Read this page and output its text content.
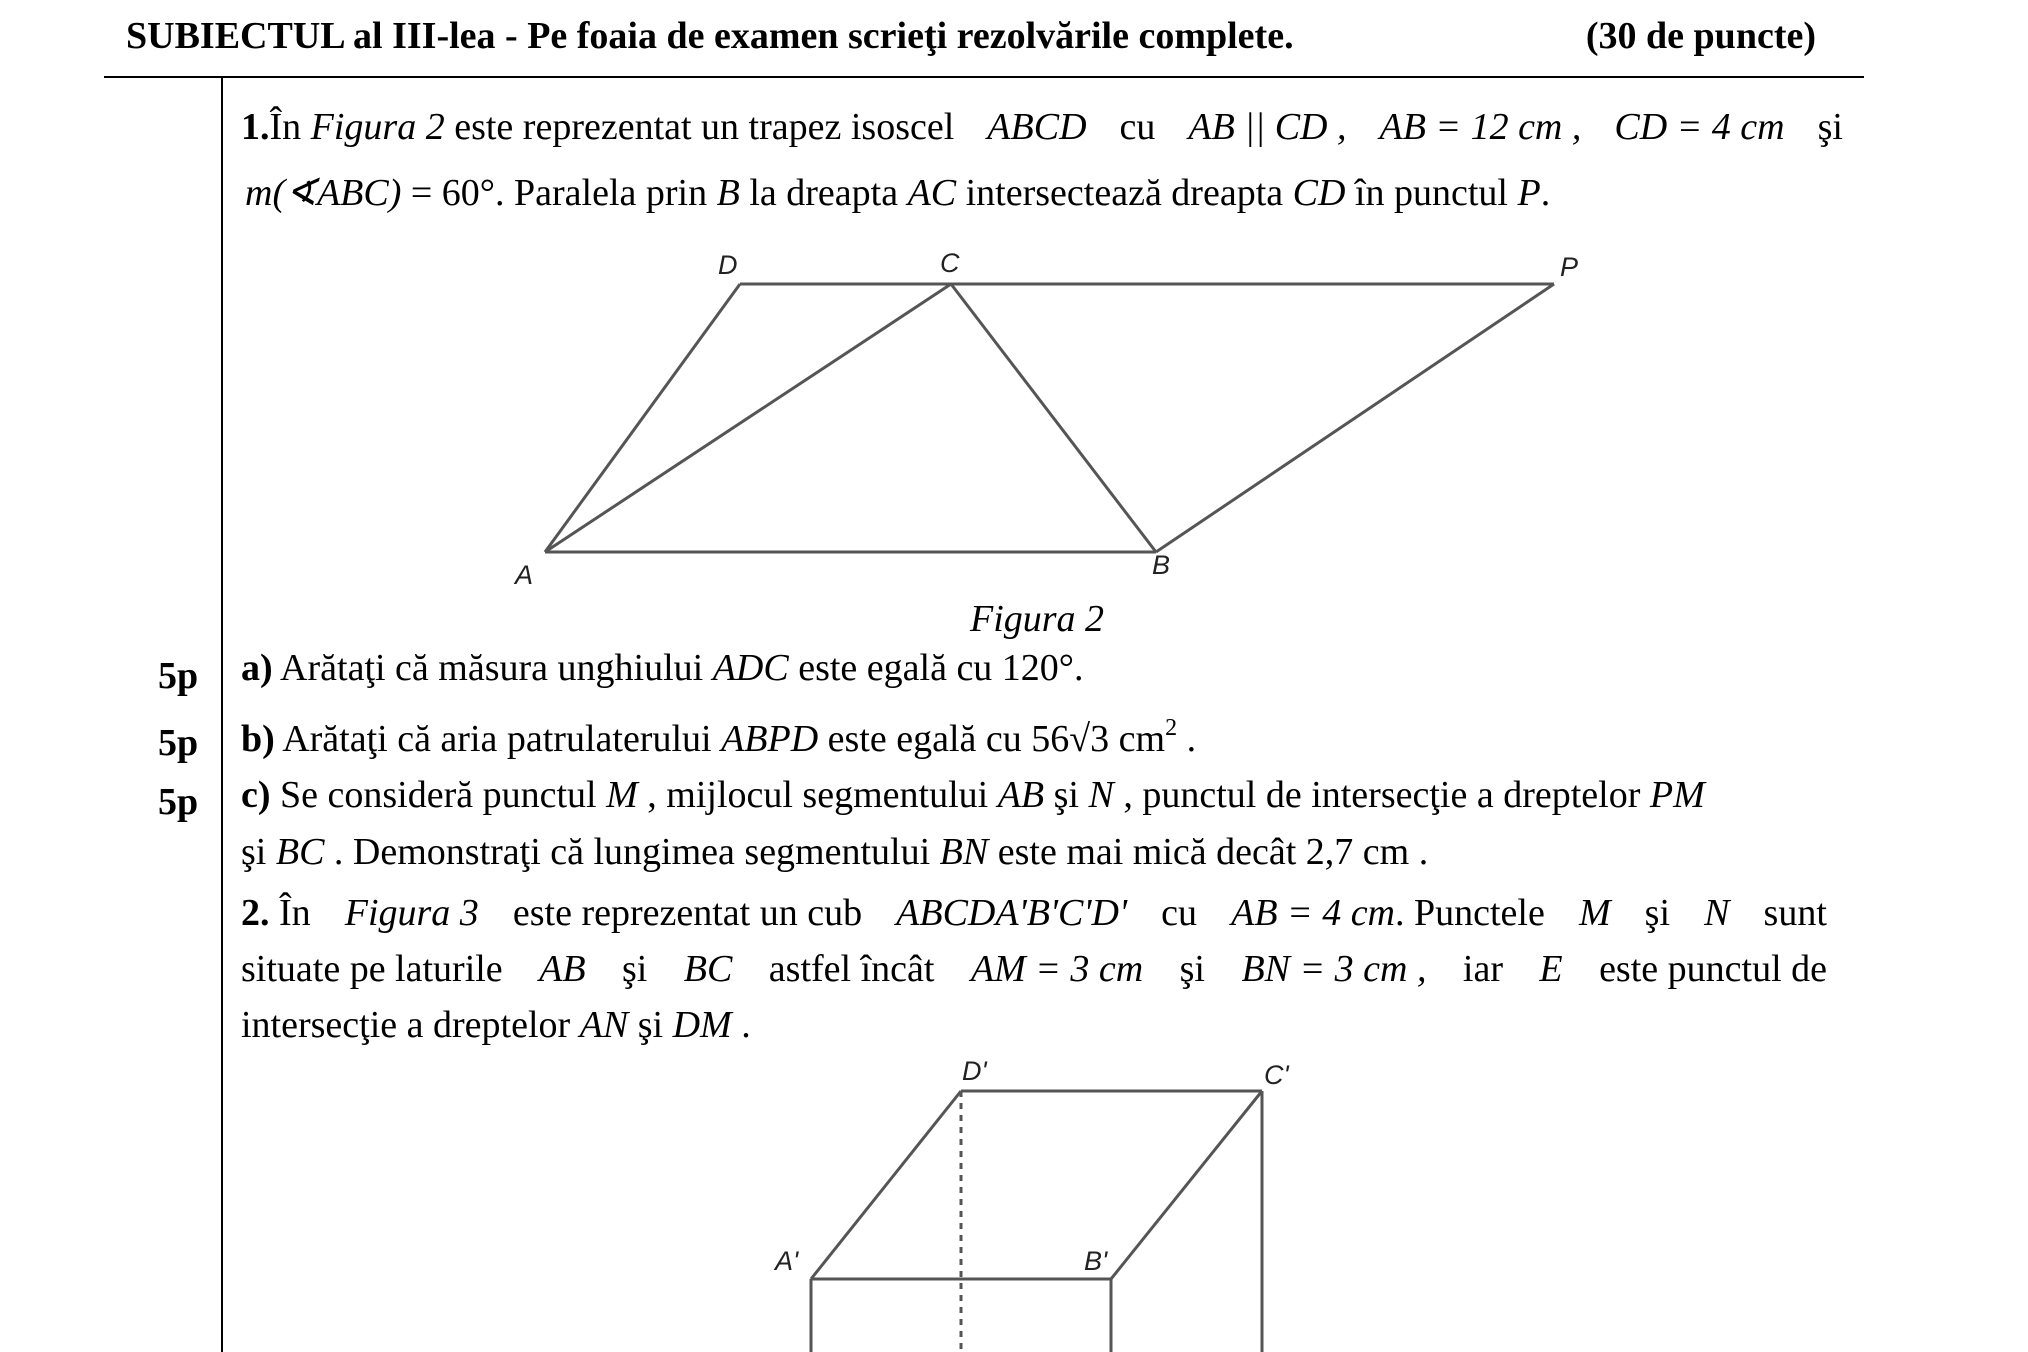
SUBIECTUL al III-lea - Pe foaia de examen scrieţi rezolvările complete.	(30 de puncte)
1.În Figura 2 este reprezentat un trapez isoscel ABCD cu AB || CD , AB = 12 cm , CD = 4 cm şi
m(∢ABC) = 60°. Paralela prin B la dreapta AC intersectează dreapta CD în punctul P.
D	C	P
A	B
D'	C'
A'	B'
Figura 2
5p a) Arătaţi că măsura unghiului ADC este egală cu 120°.
5p b) Arătaţi că aria patrulaterului ABPD este egală cu 56√3 $cm^2$ .
5p c) Se consideră punctul M , mijlocul segmentului AB şi N , punctul de intersecţie a dreptelor PM
şi BC . Demonstraţi că lungimea segmentului BN este mai mică decât 2,7 cm .
2. În Figura 3 este reprezentat un cub ABCDA'B'C'D' cu AB = 4 cm. Punctele M şi N sunt
situate pe laturile AB şi BC astfel încât AM = 3 cm şi BN = 3 cm , iar E este punctul de
intersecţie a dreptelor AN şi DM .
